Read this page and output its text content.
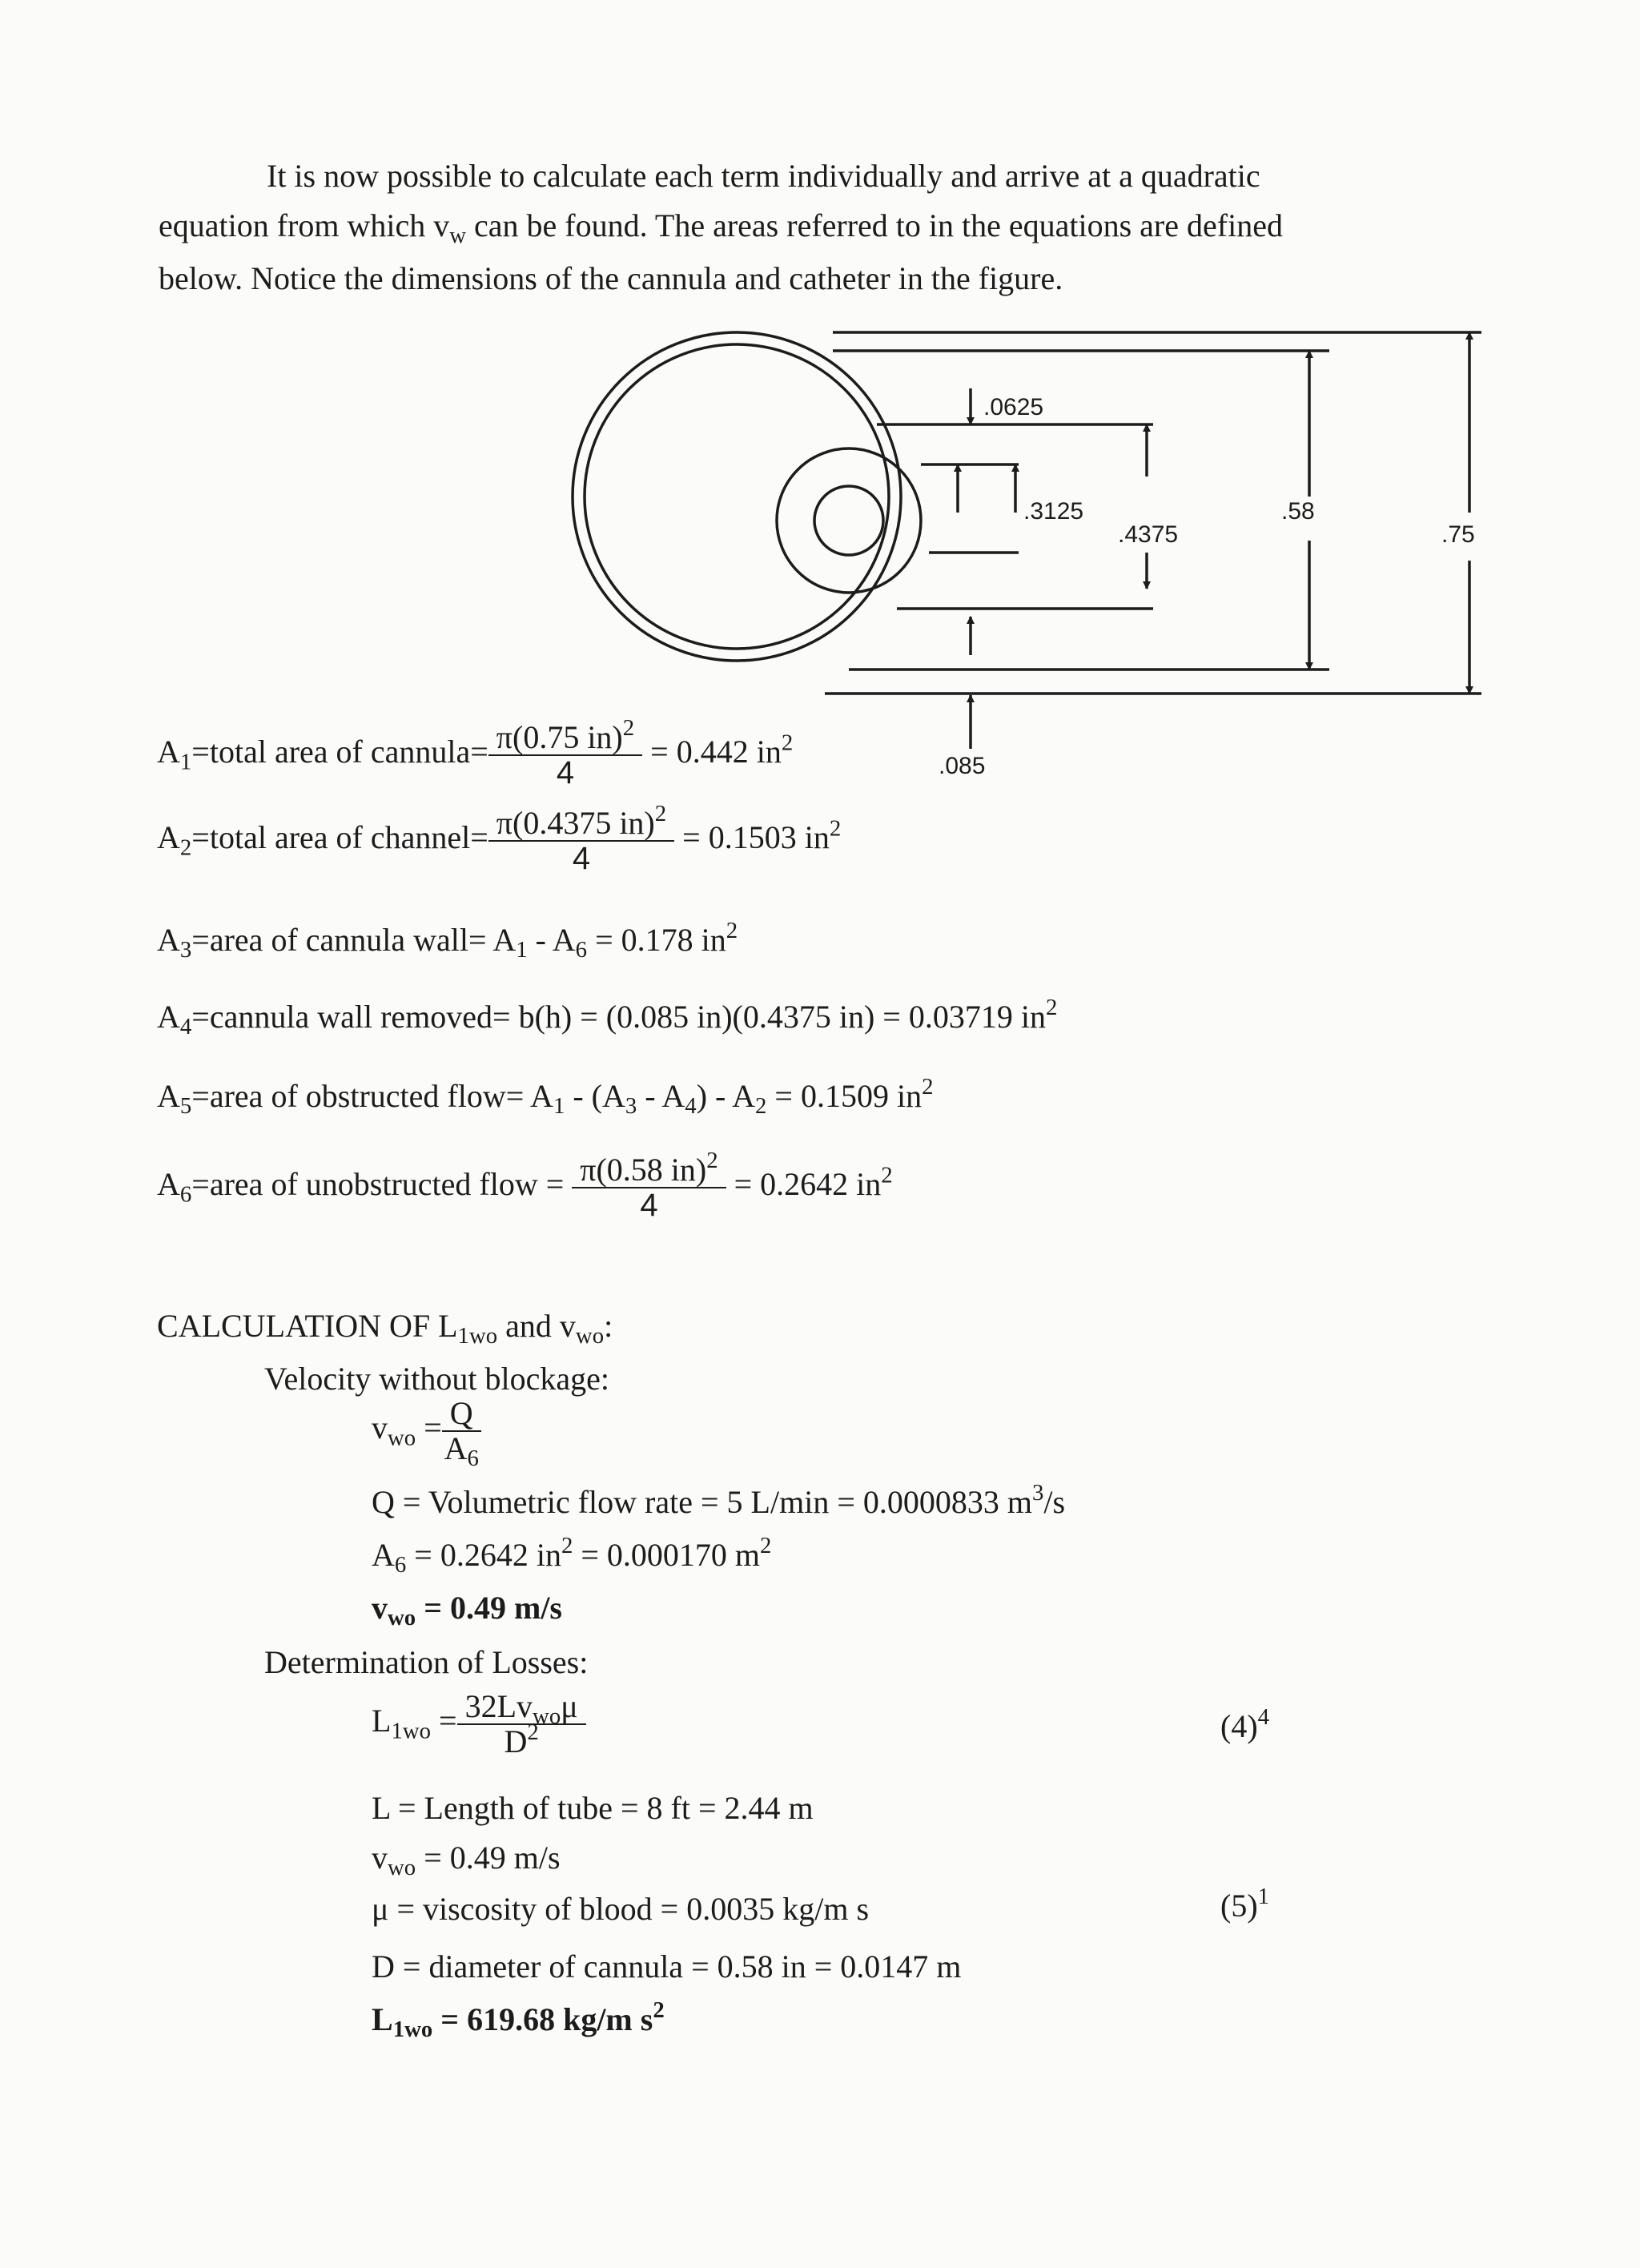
It is now possible to calculate each term individually and arrive at a quadratic

equation from which $v_w$ can be found. The areas referred to in the equations are defined

below. Notice the dimensions of the cannula and catheter in the figure.

.0625
.3125
.4375
.58
.75
.085
$A_1=total$ area of cannula= $\frac{\pi(0.75 in)^2}{4} = 0.442$ $in^2$
$A_2=total$ area of channel= $\frac{\pi(0.4375 in)^2}{4} = 0.1503$ $in^2$
$A_3=area$ of cannula wall= $A_1 - A_6 = 0.178$ $in^2$
$A_4=cannula$ wall removed= b(h) = (0.085 in)(0.4375 in) = 0.03719 $in^2$
$A_5=area$ of obstructed flow= $A_1 - (A_3 - A_4) - A_2 = 0.1509$ $in^2$
$A_6=area$ of unobstructed flow = $\frac{\pi(0.58 in)^2}{4} = 0.2642$ $in^2$
CALCULATION OF $L_{1wo}$ and $v_{wo}$:
Velocity without blockage:
$v_{wo} = \frac{Q}{A_6}$
Q = Volumetric flow rate = 5 L/min = 0.0000833 $m^3/s$
$A_6 = 0.2642$ $in^2 = 0.000170$ $m^2$
$v_{wo} = 0.49$ m/s
Determination of Losses:
$L_{1wo} = \frac{32Lv_{wo}\mu}{D^2}$	$(4)^4$
L = Length of tube = 8 ft = 2.44 m
$v_{wo} = 0.49$ m/s
μ = viscosity of blood = 0.0035 kg/m s	$(5)^1$
D = diameter of cannula = 0.58 in = 0.0147 m
$L_{1wo} = 619.68$ kg/m $s^2$
